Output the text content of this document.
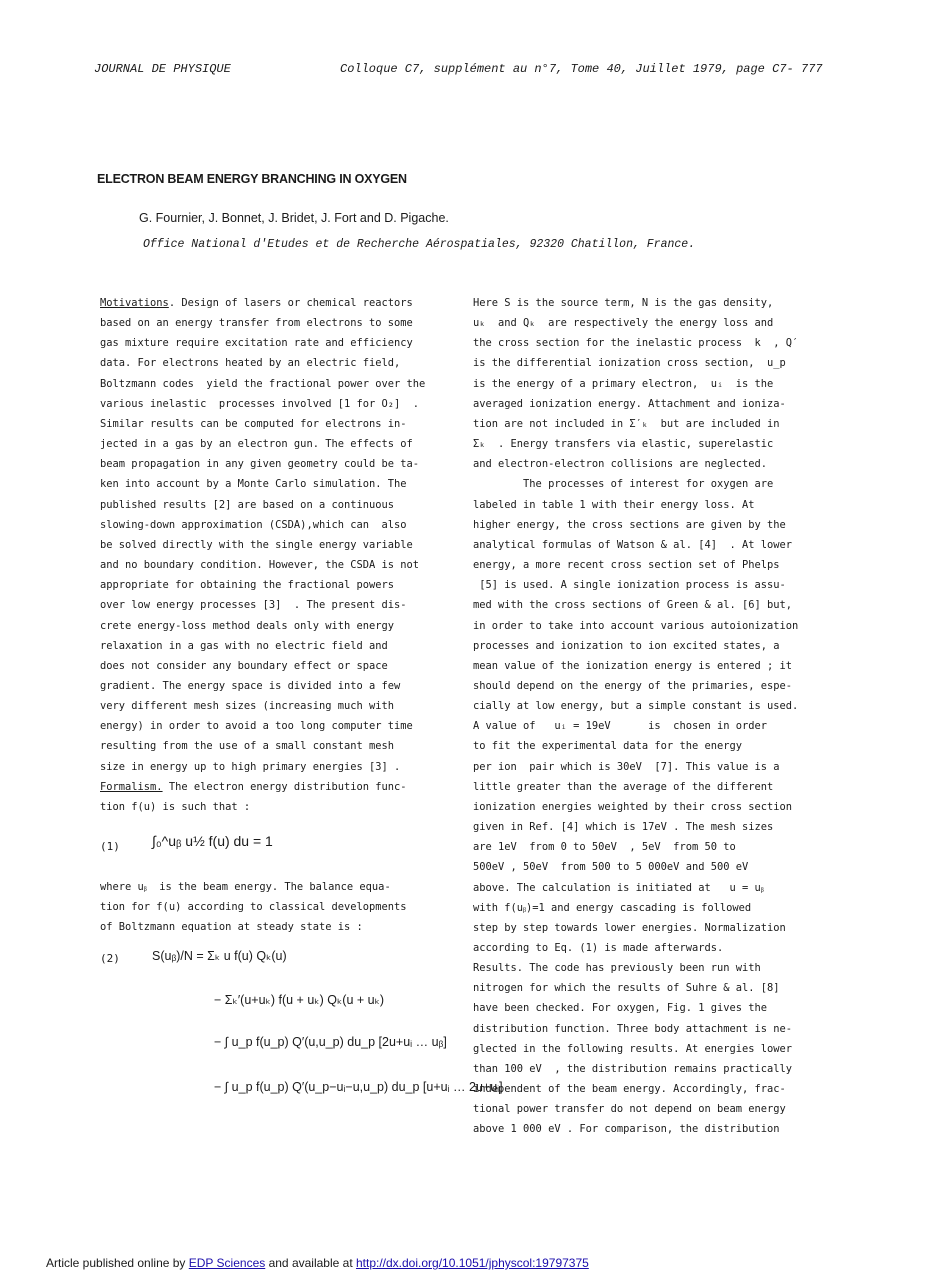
JOURNAL DE PHYSIQUE	Colloque C7, supplément au n°7, Tome 40, Juillet 1979, page C7- 777
ELECTRON BEAM ENERGY BRANCHING IN OXYGEN
G. Fournier, J. Bonnet, J. Bridet, J. Fort and D. Pigache.
Office National d'Etudes et de Recherche Aérospatiales, 92320 Chatillon, France.
Motivations. Design of lasers or chemical reactors
based on an energy transfer from electrons to some
gas mixture require excitation rate and efficiency
data. For electrons heated by an electric field,
Boltzmann codes  yield the fractional power over the
various inelastic  processes involved [1 for O₂]  .
Similar results can be computed for electrons in-
jected in a gas by an electron gun. The effects of
beam propagation in any given geometry could be ta-
ken into account by a Monte Carlo simulation. The
published results [2] are based on a continuous
slowing-down approximation (CSDA),which can  also
be solved directly with the single energy variable
and no boundary condition. However, the CSDA is not
appropriate for obtaining the fractional powers
over low energy processes [3]  . The present dis-
crete energy-loss method deals only with energy
relaxation in a gas with no electric field and
does not consider any boundary effect or space
gradient. The energy space is divided into a few
very different mesh sizes (increasing much with
energy) in order to avoid a too long computer time
resulting from the use of a small constant mesh
size in energy up to high primary energies [3] .
Formalism. The electron energy distribution func-
tion f(u) is such that :
(1) ∫₀^uᵦ u½ f(u) du = 1
where uᵦ  is the beam energy. The balance equa-
tion for f(u) according to classical developments
of Boltzmann equation at steady state is :
(2)	S(uᵦ)/N = Σₖ u f(u) Qₖ(u)
− Σₖ′(u+uₖ) f(u + uₖ) Qₖ(u + uₖ)
− ∫ u_p f(u_p) Q′(u,u_p) du_p [2u+uᵢ … uᵦ]
− ∫ u_p f(u_p) Q′(u_p−uᵢ−u,u_p) du_p [u+uᵢ … 2u+uᵢ]
Here S is the source term, N is the gas density,
uₖ  and Qₖ  are respectively the energy loss and
the cross section for the inelastic process  k  , Q′
is the differential ionization cross section,  u_p
is the energy of a primary electron,  uᵢ  is the
averaged ionization energy. Attachment and ioniza-
tion are not included in Σ′ₖ  but are included in
Σₖ  . Energy transfers via elastic, superelastic
and electron-electron collisions are neglected.
The processes of interest for oxygen are
labeled in table 1 with their energy loss. At
higher energy, the cross sections are given by the
analytical formulas of Watson & al. [4]  . At lower
energy, a more recent cross section set of Phelps
[5] is used. A single ionization process is assu-
med with the cross sections of Green & al. [6] but,
in order to take into account various autoionization
processes and ionization to ion excited states, a
mean value of the ionization energy is entered ; it
should depend on the energy of the primaries, espe-
cially at low energy, but a simple constant is used.
A value of   uᵢ = 19eV      is  chosen in order
to fit the experimental data for the energy
per ion  pair which is 30eV  [7]. This value is a
little greater than the average of the different
ionization energies weighted by their cross section
given in Ref. [4] which is 17eV . The mesh sizes
are 1eV  from 0 to 50eV  , 5eV  from 50 to
500eV , 50eV  from 500 to 5 000eV and 500 eV
above. The calculation is initiated at   u = uᵦ
with f(uᵦ)=1 and energy cascading is followed
step by step towards lower energies. Normalization
according to Eq. (1) is made afterwards.
Results. The code has previously been run with
nitrogen for which the results of Suhre & al. [8]
have been checked. For oxygen, Fig. 1 gives the
distribution function. Three body attachment is ne-
glected in the following results. At energies lower
than 100 eV  , the distribution remains practically
independent of the beam energy. Accordingly, frac-
tional power transfer do not depend on beam energy
above 1 000 eV . For comparison, the distribution
Article published online by EDP Sciences and available at http://dx.doi.org/10.1051/jphyscol:19797375
